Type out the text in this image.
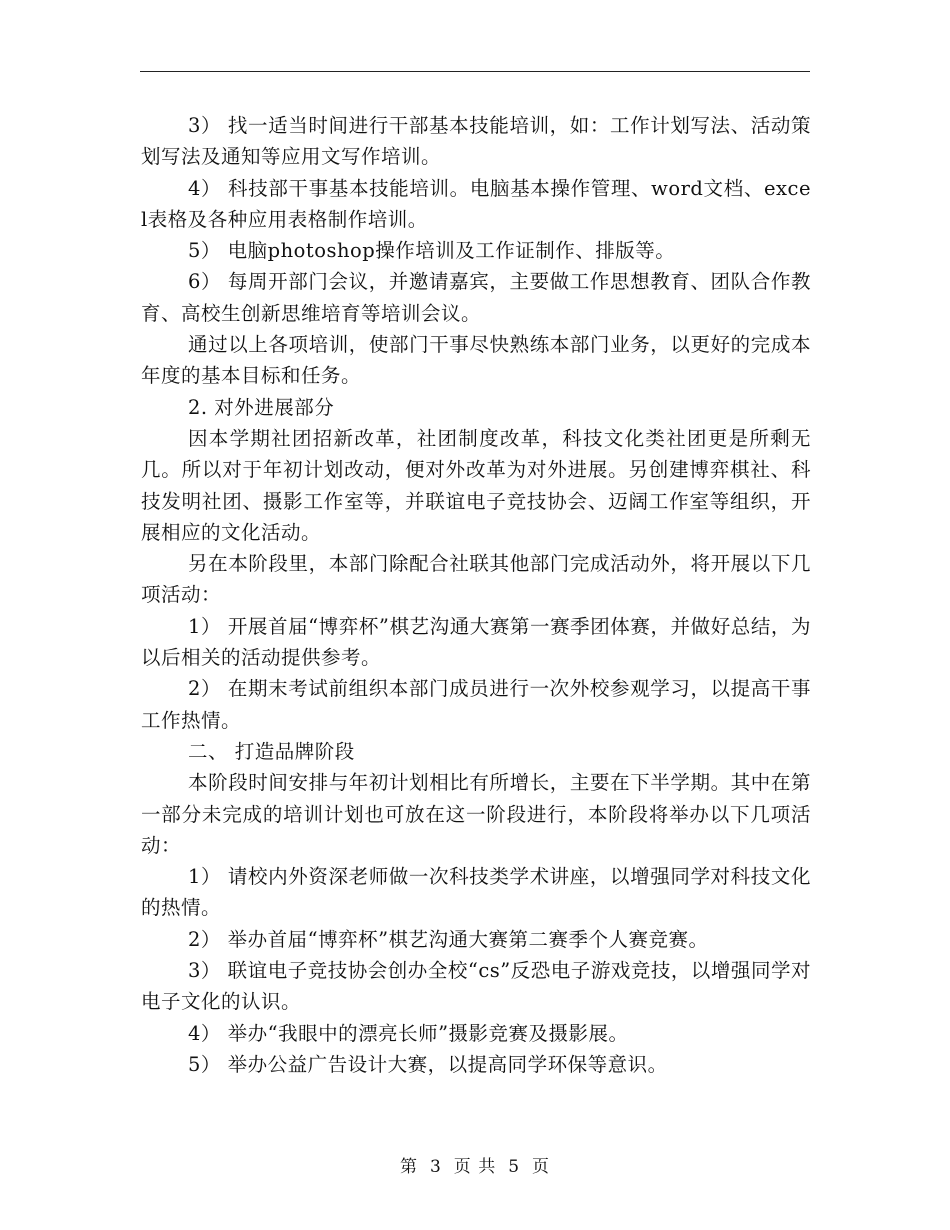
3） 找一适当时间进行干部基本技能培训，如：工作计划写法、活动策划写法及通知等应用文写作培训。

4） 科技部干事基本技能培训。电脑基本操作管理、word文档、excel表格及各种应用表格制作培训。

5） 电脑photoshop操作培训及工作证制作、排版等。

6） 每周开部门会议，并邀请嘉宾，主要做工作思想教育、团队合作教育、高校生创新思维培育等培训会议。

通过以上各项培训，使部门干事尽快熟练本部门业务，以更好的完成本年度的基本目标和任务。

2. 对外进展部分

因本学期社团招新改革，社团制度改革，科技文化类社团更是所剩无几。所以对于年初计划改动，便对外改革为对外进展。另创建博弈棋社、科技发明社团、摄影工作室等，并联谊电子竞技协会、迈阔工作室等组织，开展相应的文化活动。

另在本阶段里，本部门除配合社联其他部门完成活动外，将开展以下几项活动：

1） 开展首届“博弈杯”棋艺沟通大赛第一赛季团体赛，并做好总结，为以后相关的活动提供参考。

2） 在期末考试前组织本部门成员进行一次外校参观学习，以提高干事工作热情。

二、 打造品牌阶段

本阶段时间安排与年初计划相比有所增长，主要在下半学期。其中在第一部分未完成的培训计划也可放在这一阶段进行，本阶段将举办以下几项活动：

1） 请校内外资深老师做一次科技类学术讲座，以增强同学对科技文化的热情。

2） 举办首届“博弈杯”棋艺沟通大赛第二赛季个人赛竞赛。

3） 联谊电子竞技协会创办全校“cs”反恐电子游戏竞技，以增强同学对电子文化的认识。

4） 举办“我眼中的漂亮长师”摄影竞赛及摄影展。

5） 举办公益广告设计大赛，以提高同学环保等意识。

第 3 页 共 5 页
